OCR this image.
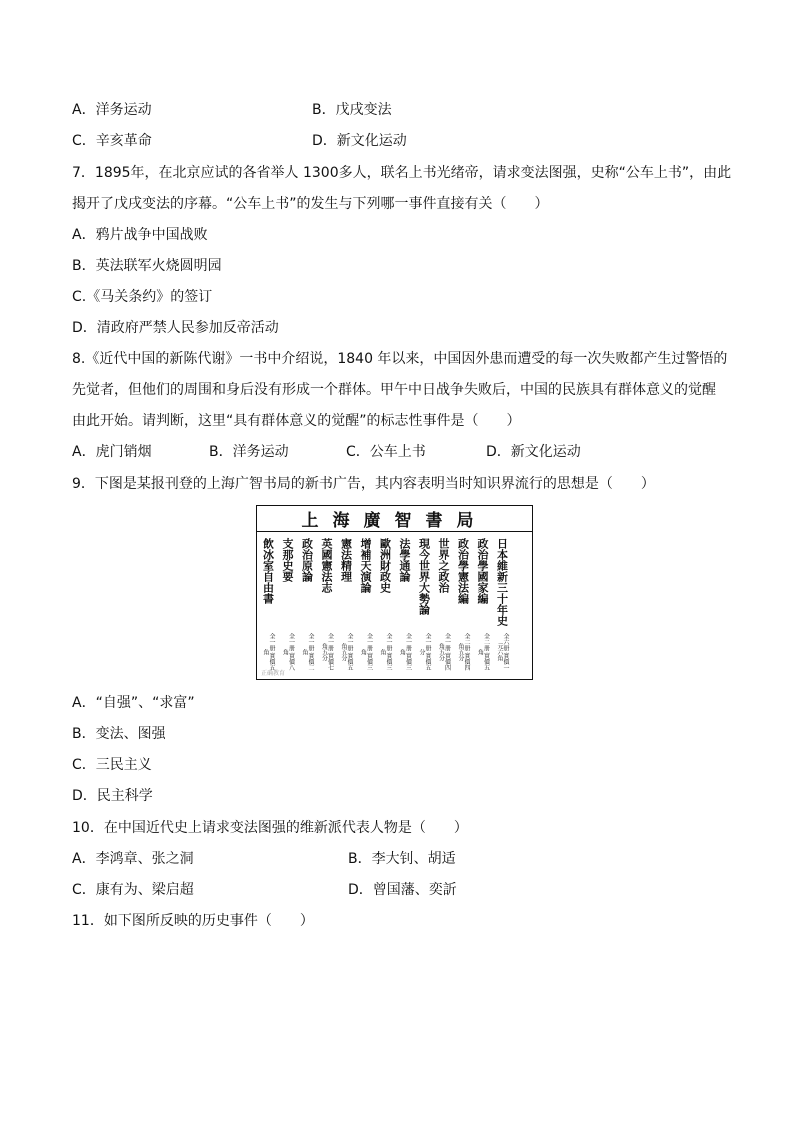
A．洋务运动	B．戊戌变法
C．辛亥革命	D．新文化运动
7．1895年，在北京应试的各省举人 1300多人，联名上书光绪帝，请求变法图强，史称“公车上书”，由此
揭开了戊戌变法的序幕。“公车上书”的发生与下列哪一事件直接有关（　　）
A．鸦片战争中国战败
B．英法联军火烧圆明园
C.《马关条约》的签订
D．清政府严禁人民参加反帝活动
8.《近代中国的新陈代谢》一书中介绍说，1840 年以来，中国因外患而遭受的每一次失败都产生过警悟的
先觉者，但他们的周围和身后没有形成一个群体。甲午中日战争失败后，中国的民族具有群体意义的觉醒
由此开始。请判断，这里“具有群体意义的觉醒”的标志性事件是（　　）
A．虎门销烟	B．洋务运动	C．公车上书	D．新文化运动
9．下图是某报刊登的上海广智书局的新书广告，其内容表明当时知识界流行的思想是（　　）
上海廣智書局
日本維新三十年史
全六册 實價一元六角
政治學國家編
全二册 實價五角
政治學憲法編
全二册 實價四角五分
世界之政治
全一册 實價四角五分
現今世界大勢論
全一册 實價五分
法學通論
全一册 實價三角
歐洲財政史
全一册 實價三角
增補天演論
全一册 實價三角
憲法精理
全一册 實價五角五分
英國憲法志
全一册 實價七角五分
政治原論
全一册 實價二角
支那史要
全一册 實價八角
飲冰室自由書
全一册 實價五角
正确教育
A．“自强”、“求富”
B．变法、图强
C．三民主义
D．民主科学
10．在中国近代史上请求变法图强的维新派代表人物是（　　）
A．李鸿章、张之洞	B．李大钊、胡适
C．康有为、梁启超	D．曾国藩、奕訢
11．如下图所反映的历史事件（　　）
